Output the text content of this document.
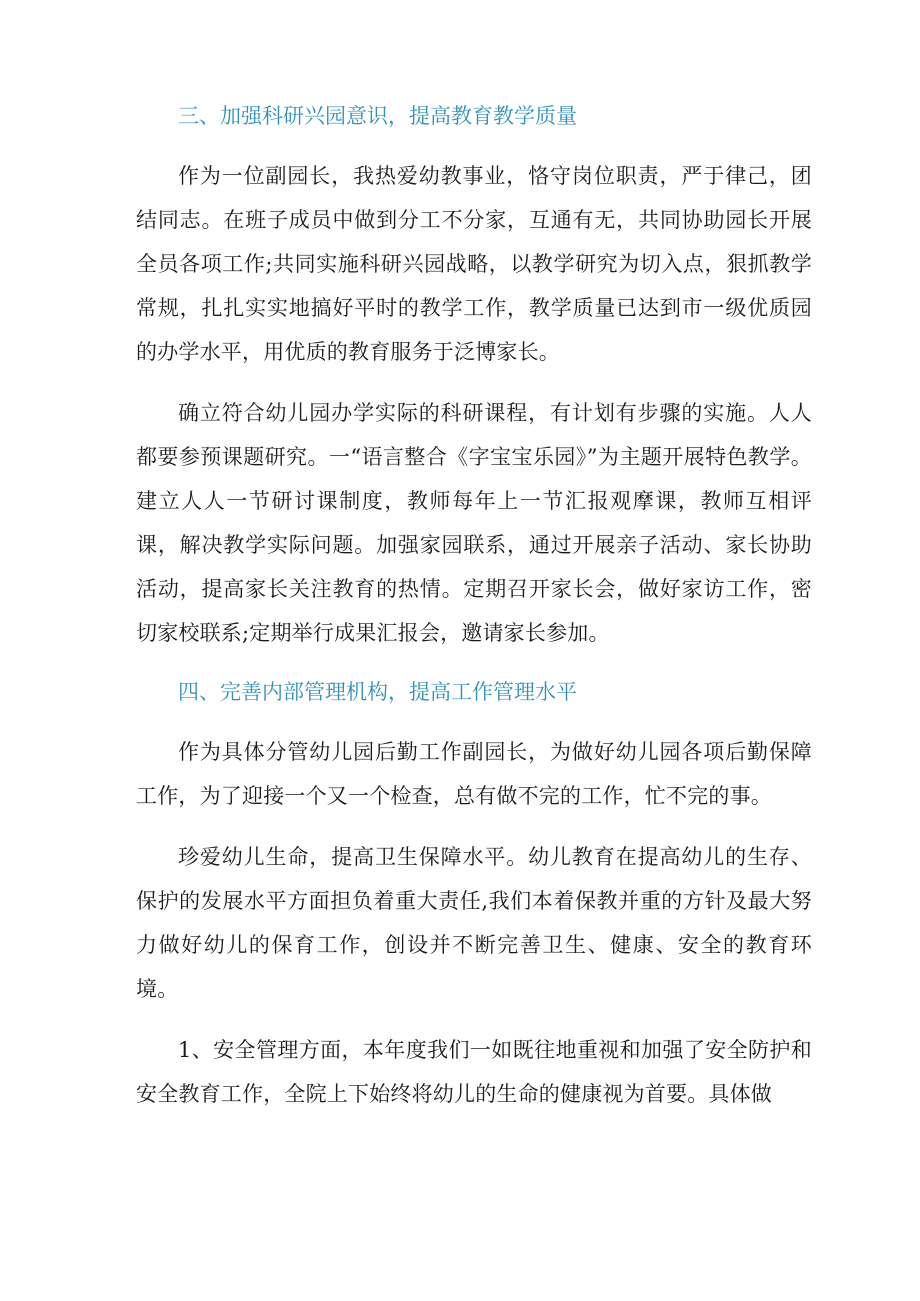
三、加强科研兴园意识，提高教育教学质量

作为一位副园长，我热爱幼教事业，恪守岗位职责，严于律己，团结同志。在班子成员中做到分工不分家，互通有无，共同协助园长开展全员各项工作;共同实施科研兴园战略，以教学研究为切入点，狠抓教学常规，扎扎实实地搞好平时的教学工作，教学质量已达到市一级优质园的办学水平，用优质的教育服务于泛博家长。

确立符合幼儿园办学实际的科研课程，有计划有步骤的实施。人人都要参预课题研究。一“语言整合《字宝宝乐园》”为主题开展特色教学。建立人人一节研讨课制度，教师每年上一节汇报观摩课，教师互相评课，解决教学实际问题。加强家园联系，通过开展亲子活动、家长协助活动，提高家长关注教育的热情。定期召开家长会，做好家访工作，密切家校联系;定期举行成果汇报会，邀请家长参加。

四、完善内部管理机构，提高工作管理水平

作为具体分管幼儿园后勤工作副园长，为做好幼儿园各项后勤保障工作，为了迎接一个又一个检查，总有做不完的工作，忙不完的事。

珍爱幼儿生命，提高卫生保障水平。幼儿教育在提高幼儿的生存、保护的发展水平方面担负着重大责任,我们本着保教并重的方针及最大努力做好幼儿的保育工作，创设并不断完善卫生、健康、安全的教育环境。

1、安全管理方面，本年度我们一如既往地重视和加强了安全防护和安全教育工作，全院上下始终将幼儿的生命的健康视为首要。具体做
